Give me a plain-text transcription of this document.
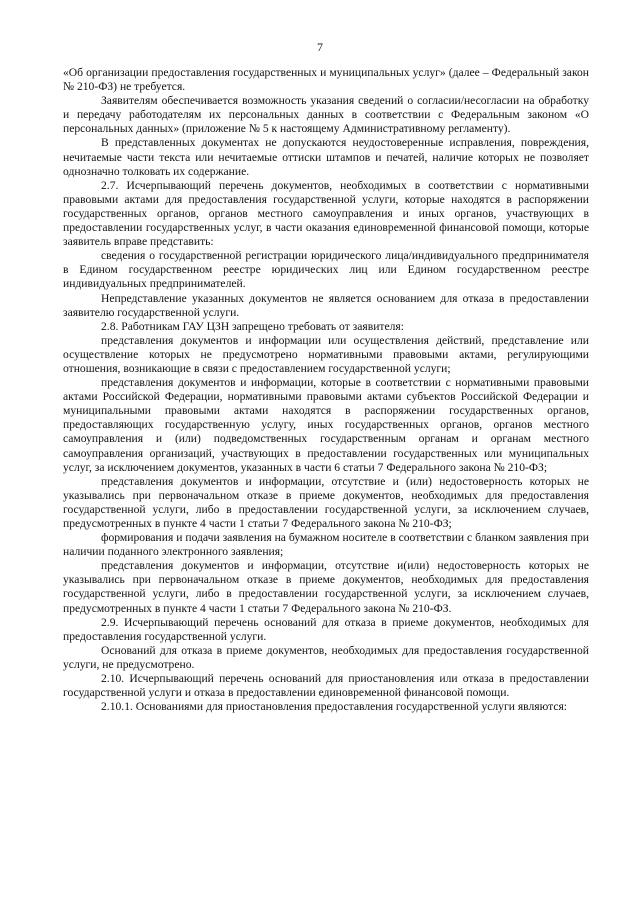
7

«Об организации предоставления государственных и муниципальных услуг» (далее – Федеральный закон № 210-ФЗ) не требуется.

Заявителям обеспечивается возможность указания сведений о согласии/несогласии на обработку и передачу работодателям их персональных данных в соответствии с Федеральным законом «О персональных данных» (приложение № 5 к настоящему Административному регламенту).

В представленных документах не допускаются неудостоверенные исправления, повреждения, нечитаемые части текста или нечитаемые оттиски штампов и печатей, наличие которых не позволяет однозначно толковать их содержание.

2.7. Исчерпывающий перечень документов, необходимых в соответствии с нормативными правовыми актами для предоставления государственной услуги, которые находятся в распоряжении государственных органов, органов местного самоуправления и иных органов, участвующих в предоставлении государственных услуг, в части оказания единовременной финансовой помощи, которые заявитель вправе представить:

сведения о государственной регистрации юридического лица/индивидуального предпринимателя в Едином государственном реестре юридических лиц или Едином государственном реестре индивидуальных предпринимателей.

Непредставление указанных документов не является основанием для отказа в предоставлении заявителю государственной услуги.

2.8. Работникам ГАУ ЦЗН запрещено требовать от заявителя:

представления документов и информации или осуществления действий, представление или осуществление которых не предусмотрено нормативными правовыми актами, регулирующими отношения, возникающие в связи с предоставлением государственной услуги;

представления документов и информации, которые в соответствии с нормативными правовыми актами Российской Федерации, нормативными правовыми актами субъектов Российской Федерации и муниципальными правовыми актами находятся в распоряжении государственных органов, предоставляющих государственную услугу, иных государственных органов, органов местного самоуправления и (или) подведомственных государственным органам и органам местного самоуправления организаций, участвующих в предоставлении государственных или муниципальных услуг, за исключением документов, указанных в части 6 статьи 7 Федерального закона № 210-ФЗ;

представления документов и информации, отсутствие и (или) недостоверность которых не указывались при первоначальном отказе в приеме документов, необходимых для предоставления государственной услуги, либо в предоставлении государственной услуги, за исключением случаев, предусмотренных в пункте 4 части 1 статьи 7 Федерального закона № 210-ФЗ;

формирования и подачи заявления на бумажном носителе в соответствии с бланком заявления при наличии поданного электронного заявления;

представления документов и информации, отсутствие и(или) недостоверность которых не указывались при первоначальном отказе в приеме документов, необходимых для предоставления государственной услуги, либо в предоставлении государственной услуги, за исключением случаев, предусмотренных в пункте 4 части 1 статьи 7 Федерального закона № 210-ФЗ.

2.9. Исчерпывающий перечень оснований для отказа в приеме документов, необходимых для предоставления государственной услуги.

Оснований для отказа в приеме документов, необходимых для предоставления государственной услуги, не предусмотрено.

2.10. Исчерпывающий перечень оснований для приостановления или отказа в предоставлении государственной услуги и отказа в предоставлении единовременной финансовой помощи.

2.10.1. Основаниями для приостановления предоставления государственной услуги являются:
